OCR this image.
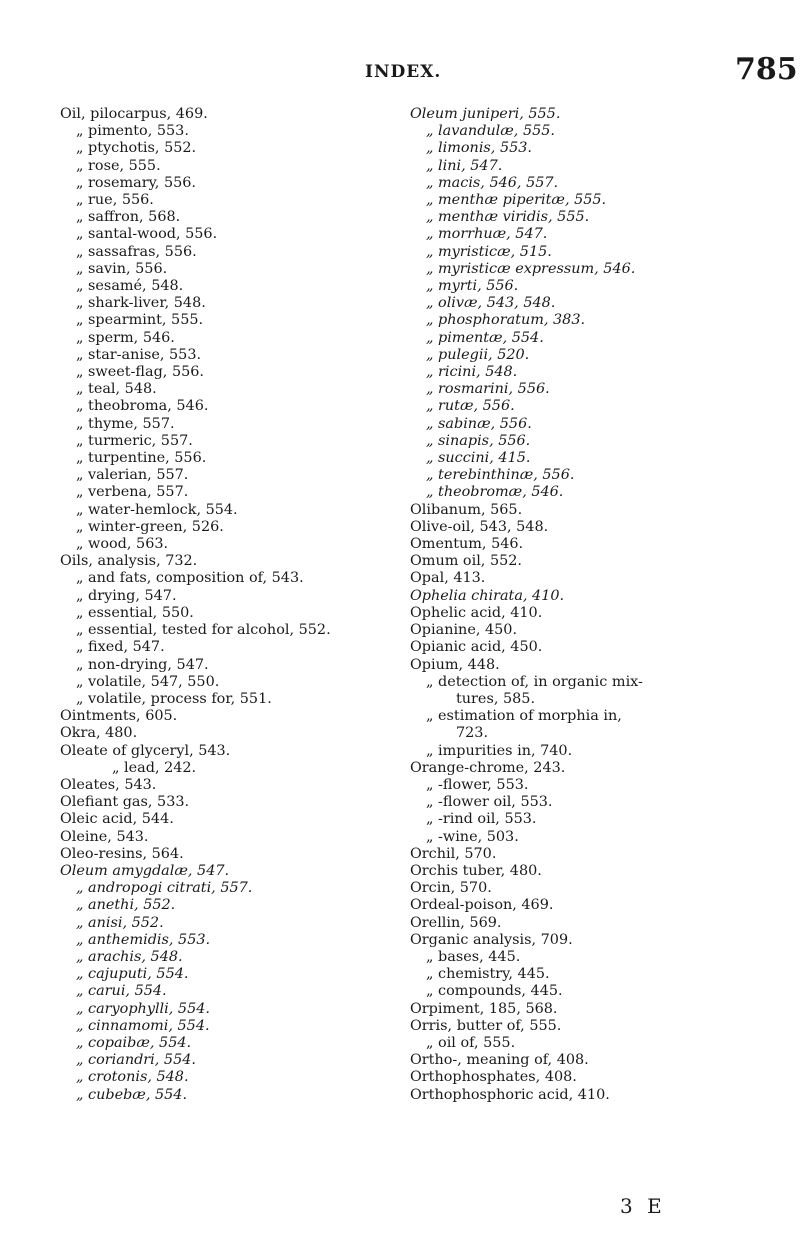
INDEX.	785
Oil, pilocarpus, 469.
„ pimento, 553.
„ ptychotis, 552.
„ rose, 555.
„ rosemary, 556.
„ rue, 556.
„ saffron, 568.
„ santal-wood, 556.
„ sassafras, 556.
„ savin, 556.
„ sesamé, 548.
„ shark-liver, 548.
„ spearmint, 555.
„ sperm, 546.
„ star-anise, 553.
„ sweet-flag, 556.
„ teal, 548.
„ theobroma, 546.
„ thyme, 557.
„ turmeric, 557.
„ turpentine, 556.
„ valerian, 557.
„ verbena, 557.
„ water-hemlock, 554.
„ winter-green, 526.
„ wood, 563.
Oils, analysis, 732.
„ and fats, composition of, 543.
„ drying, 547.
„ essential, 550.
„ essential, tested for alcohol, 552.
„ fixed, 547.
„ non-drying, 547.
„ volatile, 547, 550.
„ volatile, process for, 551.
Ointments, 605.
Okra, 480.
Oleate of glyceryl, 543.
„ lead, 242.
Oleates, 543.
Olefiant gas, 533.
Oleic acid, 544.
Oleine, 543.
Oleo-resins, 564.
Oleum amygdalæ, 547.
„ andropogi citrati, 557.
„ anethi, 552.
„ anisi, 552.
„ anthemidis, 553.
„ arachis, 548.
„ cajuputi, 554.
„ carui, 554.
„ caryophylli, 554.
„ cinnamomi, 554.
„ copaibæ, 554.
„ coriandri, 554.
„ crotonis, 548.
„ cubebæ, 554.
Oleum juniperi, 555.
„ lavandulæ, 555.
„ limonis, 553.
„ lini, 547.
„ macis, 546, 557.
„ menthæ piperitæ, 555.
„ menthæ viridis, 555.
„ morrhuæ, 547.
„ myristicæ, 515.
„ myristicæ expressum, 546.
„ myrti, 556.
„ olivæ, 543, 548.
„ phosphoratum, 383.
„ pimentæ, 554.
„ pulegii, 520.
„ ricini, 548.
„ rosmarini, 556.
„ rutæ, 556.
„ sabinæ, 556.
„ sinapis, 556.
„ succini, 415.
„ terebinthinæ, 556.
„ theobromæ, 546.
Olibanum, 565.
Olive-oil, 543, 548.
Omentum, 546.
Omum oil, 552.
Opal, 413.
Ophelia chirata, 410.
Ophelic acid, 410.
Opianine, 450.
Opianic acid, 450.
Opium, 448.
„ detection of, in organic mix-
tures, 585.
„ estimation of morphia in,
723.
„ impurities in, 740.
Orange-chrome, 243.
„ -flower, 553.
„ -flower oil, 553.
„ -rind oil, 553.
„ -wine, 503.
Orchil, 570.
Orchis tuber, 480.
Orcin, 570.
Ordeal-poison, 469.
Orellin, 569.
Organic analysis, 709.
„ bases, 445.
„ chemistry, 445.
„ compounds, 445.
Orpiment, 185, 568.
Orris, butter of, 555.
„ oil of, 555.
Ortho-, meaning of, 408.
Orthophosphates, 408.
Orthophosphoric acid, 410.
3 E
